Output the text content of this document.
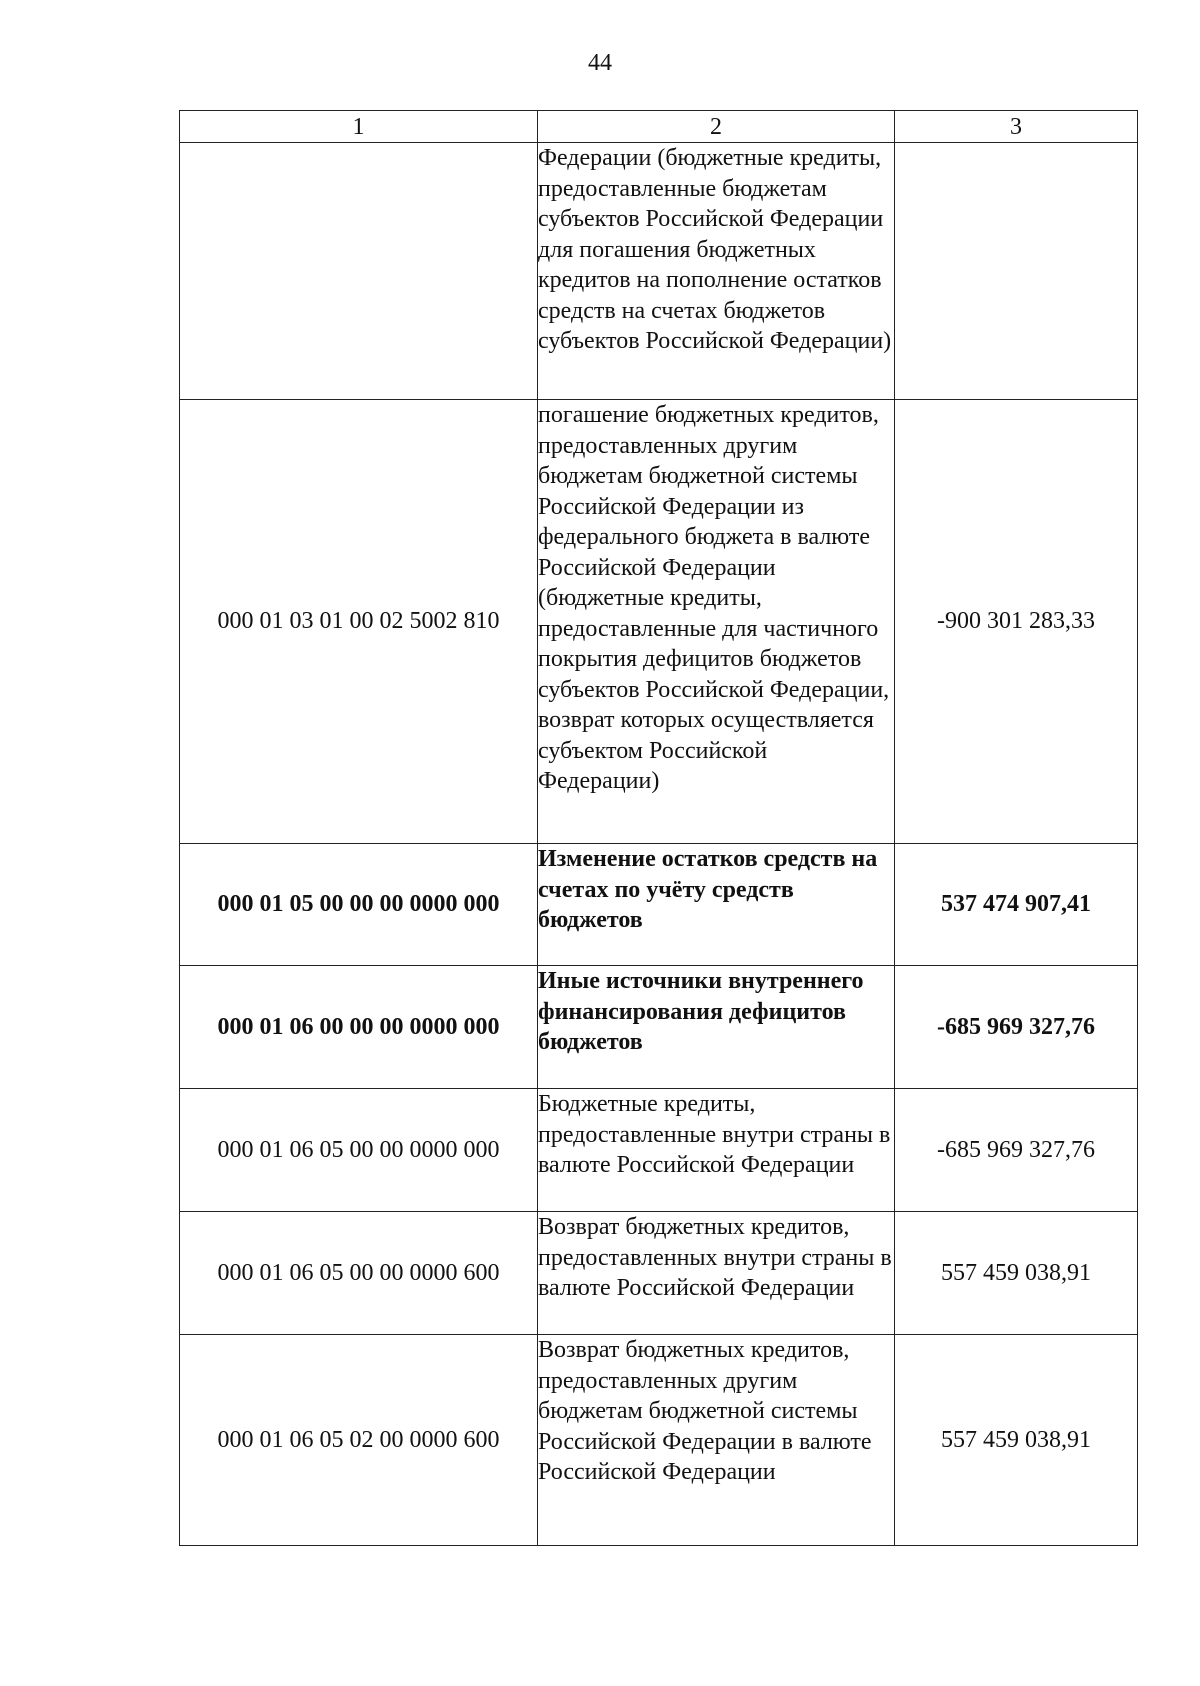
44
1	2	3
	Федерации (бюджетные кредиты, предоставленные бюджетам субъектов Российской Федерации для погашения бюджетных кредитов на пополнение остатков средств на счетах бюджетов субъектов Российской Федерации)	
000 01 03 01 00 02 5002 810	погашение бюджетных кредитов, предоставленных другим бюджетам бюджетной системы Российской Федерации из федерального бюджета в валюте Российской Федерации (бюджетные кредиты, предоставленные для частичного покрытия дефицитов бюджетов субъектов Российской Федерации, возврат которых осуществляется субъектом Российской Федерации)	-900 301 283,33
000 01 05 00 00 00 0000 000	Изменение остатков средств на счетах по учёту средств бюджетов	537 474 907,41
000 01 06 00 00 00 0000 000	Иные источники внутреннего финансирования дефицитов бюджетов	-685 969 327,76
000 01 06 05 00 00 0000 000	Бюджетные кредиты, предоставленные внутри страны в валюте Российской Федерации	-685 969 327,76
000 01 06 05 00 00 0000 600	Возврат бюджетных кредитов, предоставленных внутри страны в валюте Российской Федерации	557 459 038,91
000 01 06 05 02 00 0000 600	Возврат бюджетных кредитов, предоставленных другим бюджетам бюджетной системы Российской Федерации в валюте Российской Федерации	557 459 038,91
